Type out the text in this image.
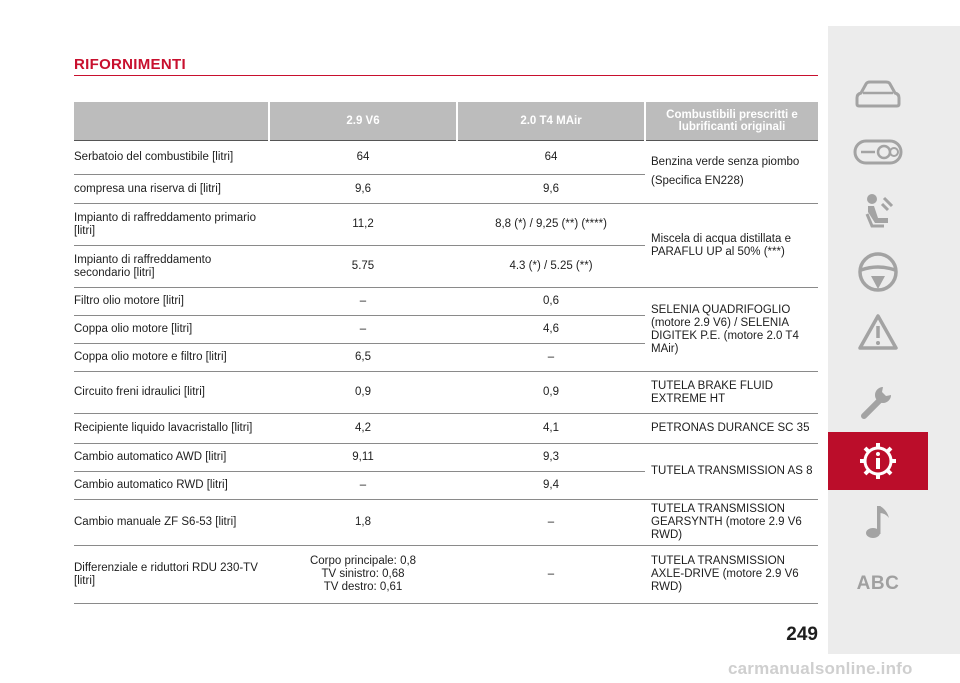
RIFORNIMENTI
	2.9 V6	2.0 T4 MAir	Combustibili prescritti e lubrificanti originali
Serbatoio del combustibile [litri]	64	64	Benzina verde senza piombo
(Specifica EN228)

compresa una riserva di [litri]	9,6	9,6	
Impianto di raffreddamento primario [litri]	11,2	8,8 (*) / 9,25 (**) (****)	Miscela di acqua distillata e PARAFLU UP al 50% (***)
Impianto di raffreddamento secondario [litri]	5.75	4.3 (*) / 5.25 (**)	
Filtro olio motore [litri]	–	0,6	SELENIA QUADRIFOGLIO (motore 2.9 V6) / SELENIA DIGITEK P.E. (motore 2.0 T4 MAir)
Coppa olio motore [litri]	–	4,6	
Coppa olio motore e filtro [litri]	6,5	–	
Circuito freni idraulici [litri]	0,9	0,9	TUTELA BRAKE FLUID EXTREME HT
Recipiente liquido lavacristallo [litri]	4,2	4,1	PETRONAS DURANCE SC 35
Cambio automatico AWD [litri]	9,11	9,3	TUTELA TRANSMISSION AS 8
Cambio automatico RWD [litri]	–	9,4	
Cambio manuale ZF S6-53 [litri]	1,8	–	TUTELA TRANSMISSION GEARSYNTH (motore 2.9 V6 RWD)
Differenziale e riduttori RDU 230-TV [litri]	Corpo principale: 0,8
TV sinistro: 0,68
TV destro: 0,61	–	TUTELA TRANSMISSION AXLE-DRIVE (motore 2.9 V6 RWD)	ABC
249
carmanualsonline.info
